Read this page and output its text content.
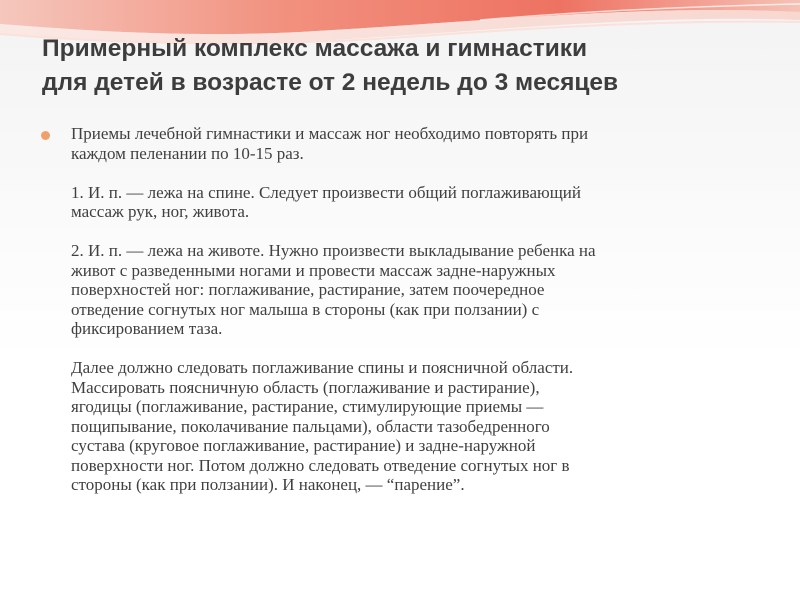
Примерный комплекс массажа и гимнастики
для детей в возрасте от 2 недель до 3 месяцев

Приемы лечебной гимнастики и массаж ног необходимо повторять при
каждом пеленании по 10-15 раз.

1. И. п. — лежа на спине. Следует произвести общий поглаживающий
массаж рук, ног, живота.

2. И. п. — лежа на животе. Нужно произвести выкладывание ребенка на
живот с разведенными ногами и провести массаж задне-наружных
поверхностей ног: поглаживание, растирание, затем поочередное
отведение согнутых ног малыша в стороны (как при ползании) с
фиксированием таза.

Далее должно следовать поглаживание спины и поясничной области.
Массировать поясничную область (поглаживание и растирание),
ягодицы (поглаживание, растирание, стимулирующие приемы —
пощипывание, поколачивание пальцами), области тазобедренного
сустава (круговое поглаживание, растирание) и задне-наружной
поверхности ног. Потом должно следовать отведение согнутых ног в
стороны (как при ползании). И наконец, — “парение”.
